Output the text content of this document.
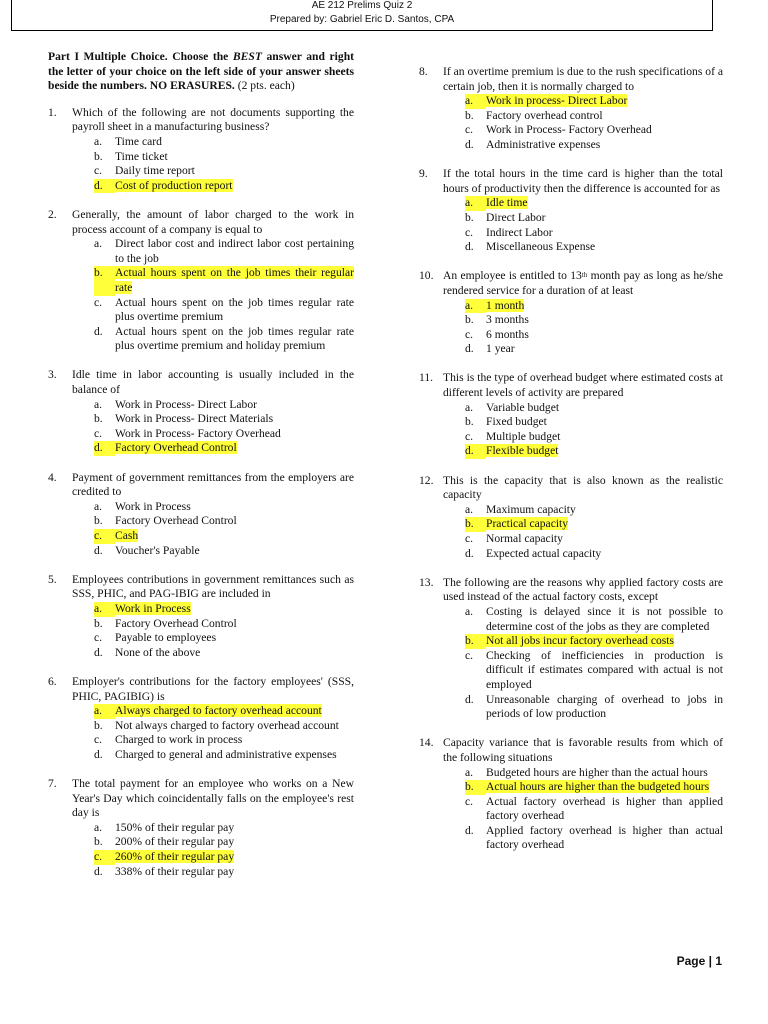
AE 212 Prelims Quiz 2
Prepared by: Gabriel Eric D. Santos, CPA
Part I Multiple Choice. Choose the BEST answer and right the letter of your choice on the left side of your answer sheets beside the numbers. NO ERASURES. (2 pts. each)
1.	Which of the following are not documents supporting the payroll sheet in a manufacturing business?
a.	Time card
b.	Time ticket
c.	Daily time report
d.	Cost of production report
2.	Generally, the amount of labor charged to the work in process account of a company is equal to
a.	Direct labor cost and indirect labor cost pertaining to the job
b.	Actual hours spent on the job times their regular rate
c.	Actual hours spent on the job times regular rate plus overtime premium
d.	Actual hours spent on the job times regular rate plus overtime premium and holiday premium
3.	Idle time in labor accounting is usually included in the balance of
a.	Work in Process- Direct Labor
b.	Work in Process- Direct Materials
c.	Work in Process- Factory Overhead
d.	Factory Overhead Control
4.	Payment of government remittances from the employers are credited to
a.	Work in Process
b.	Factory Overhead Control
c.	Cash
d.	Voucher's Payable
5.	Employees contributions in government remittances such as SSS, PHIC, and PAG-IBIG are included in
a.	Work in Process
b.	Factory Overhead Control
c.	Payable to employees
d.	None of the above
6.	Employer's contributions for the factory employees' (SSS, PHIC, PAGIBIG) is
a.	Always charged to factory overhead account
b.	Not always charged to factory overhead account
c.	Charged to work in process
d.	Charged to general and administrative expenses
7.	The total payment for an employee who works on a New Year's Day which coincidentally falls on the employee's rest day is
a.	150% of their regular pay
b.	200% of their regular pay
c.	260% of their regular pay
d.	338% of their regular pay
8.	If an overtime premium is due to the rush specifications of a certain job, then it is normally charged to
a.	Work in process- Direct Labor
b.	Factory overhead control
c.	Work in Process- Factory Overhead
d.	Administrative expenses
9.	If the total hours in the time card is higher than the total hours of productivity then the difference is accounted for as
a.	Idle time
b.	Direct Labor
c.	Indirect Labor
d.	Miscellaneous Expense
10. An employee is entitled to 13th month pay as long as he/she rendered service for a duration of at least
a.	1 month
b.	3 months
c.	6 months
d.	1 year
11. This is the type of overhead budget where estimated costs at different levels of activity are prepared
a.	Variable budget
b.	Fixed budget
c.	Multiple budget
d.	Flexible budget
12. This is the capacity that is also known as the realistic capacity
a.	Maximum capacity
b.	Practical capacity
c.	Normal capacity
d.	Expected actual capacity
13. The following are the reasons why applied factory costs are used instead of the actual factory costs, except
a.	Costing is delayed since it is not possible to determine cost of the jobs as they are completed
b.	Not all jobs incur factory overhead costs
c.	Checking of inefficiencies in production is difficult if estimates compared with actual is not employed
d.	Unreasonable charging of overhead to jobs in periods of low production
14. Capacity variance that is favorable results from which of the following situations
a.	Budgeted hours are higher than the actual hours
b.	Actual hours are higher than the budgeted hours
c.	Actual factory overhead is higher than applied factory overhead
d.	Applied factory overhead is higher than actual factory overhead
Page | 1
